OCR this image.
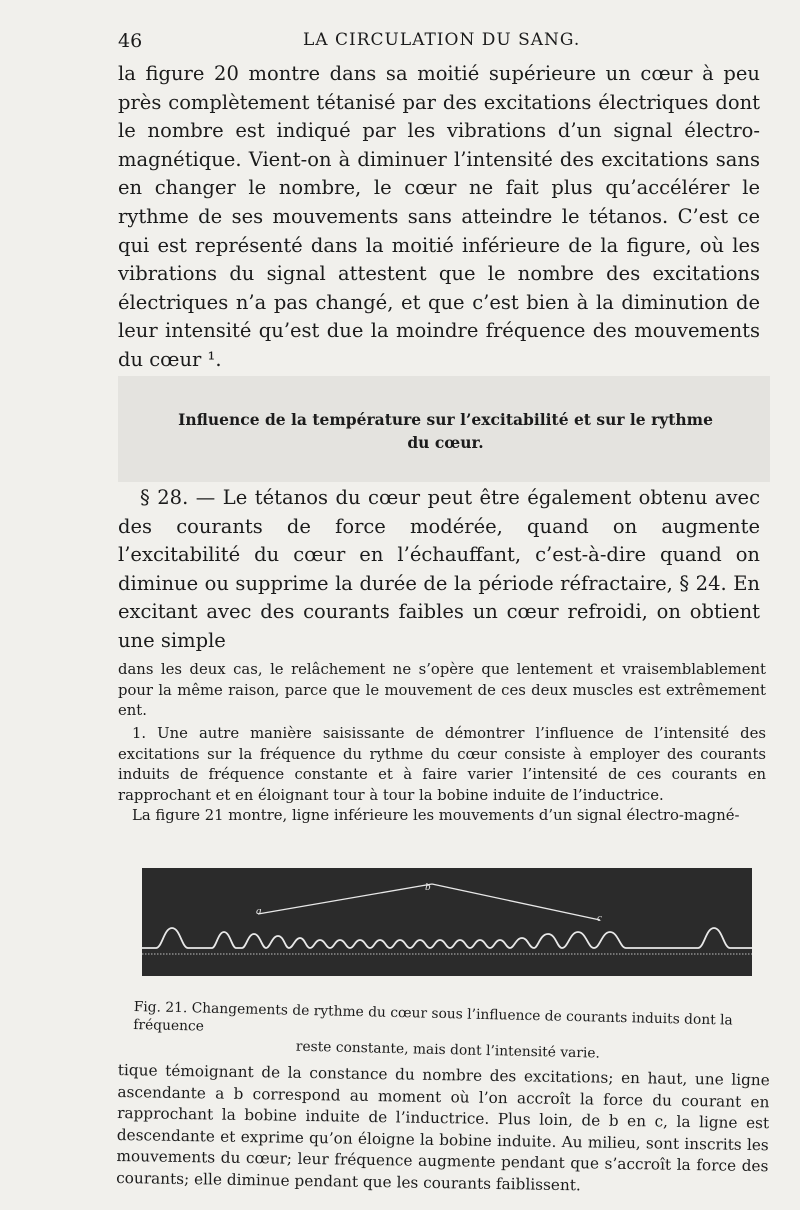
46	LA CIRCULATION DU SANG.

la figure 20 montre dans sa moitié supérieure un cœur à peu près complètement tétanisé par des excitations électriques dont le nombre est indiqué par les vibrations d’un signal électro-magnétique. Vient-on à diminuer l’intensité des excitations sans en changer le nombre, le cœur ne fait plus qu’accélérer le rythme de ses mouvements sans atteindre le tétanos. C’est ce qui est représenté dans la moitié inférieure de la figure, où les vibrations du signal attestent que le nombre des excitations électriques n’a pas changé, et que c’est bien à la diminution de leur intensité qu’est due la moindre fréquence des mouvements du cœur ¹.

Influence de la température sur l’excitabilité et sur le rythme
du cœur.

§ 28. — Le tétanos du cœur peut être également obtenu avec des courants de force modérée, quand on augmente l’excitabilité du cœur en l’échauffant, c’est-à-dire quand on diminue ou supprime la durée de la période réfractaire, § 24. En excitant avec des courants faibles un cœur refroidi, on obtient une simple

dans les deux cas, le relâchement ne s’opère que lentement et vraisemblablement pour la même raison, parce que le mouvement de ces deux muscles est extrêmement ent.

1. Une autre manière saisissante de démontrer l’influence de l’intensité des excitations sur la fréquence du rythme du cœur consiste à employer des courants induits de fréquence constante et à faire varier l’intensité de ces courants en rapprochant et en éloignant tour à tour la bobine induite de l’inductrice.

La figure 21 montre, ligne inférieure les mouvements d’un signal électro-magné-

a
b
c

Fig. 21. Changements de rythme du cœur sous l’influence de courants induits dont la fréquence
reste constante, mais dont l’intensité varie.

tique témoignant de la constance du nombre des excitations; en haut, une ligne ascendante a b correspond au moment où l’on accroît la force du courant en rapprochant la bobine induite de l’inductrice. Plus loin, de b en c, la ligne est descendante et exprime qu’on éloigne la bobine induite. Au milieu, sont inscrits les mouvements du cœur; leur fréquence augmente pendant que s’accroît la force des courants; elle diminue pendant que les courants faiblissent.
